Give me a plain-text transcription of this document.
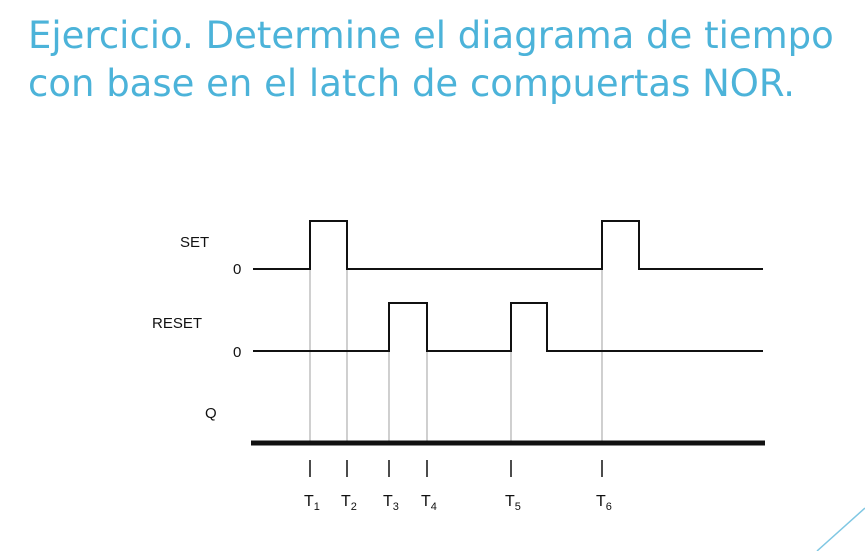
Ejercicio. Determine el diagrama de tiempo
con base en el latch de compuertas NOR.
SET
0
RESET
0
Q
$T_1$ $T_2$ $T_3$ $T_4$	$T_5$	$T_6$
